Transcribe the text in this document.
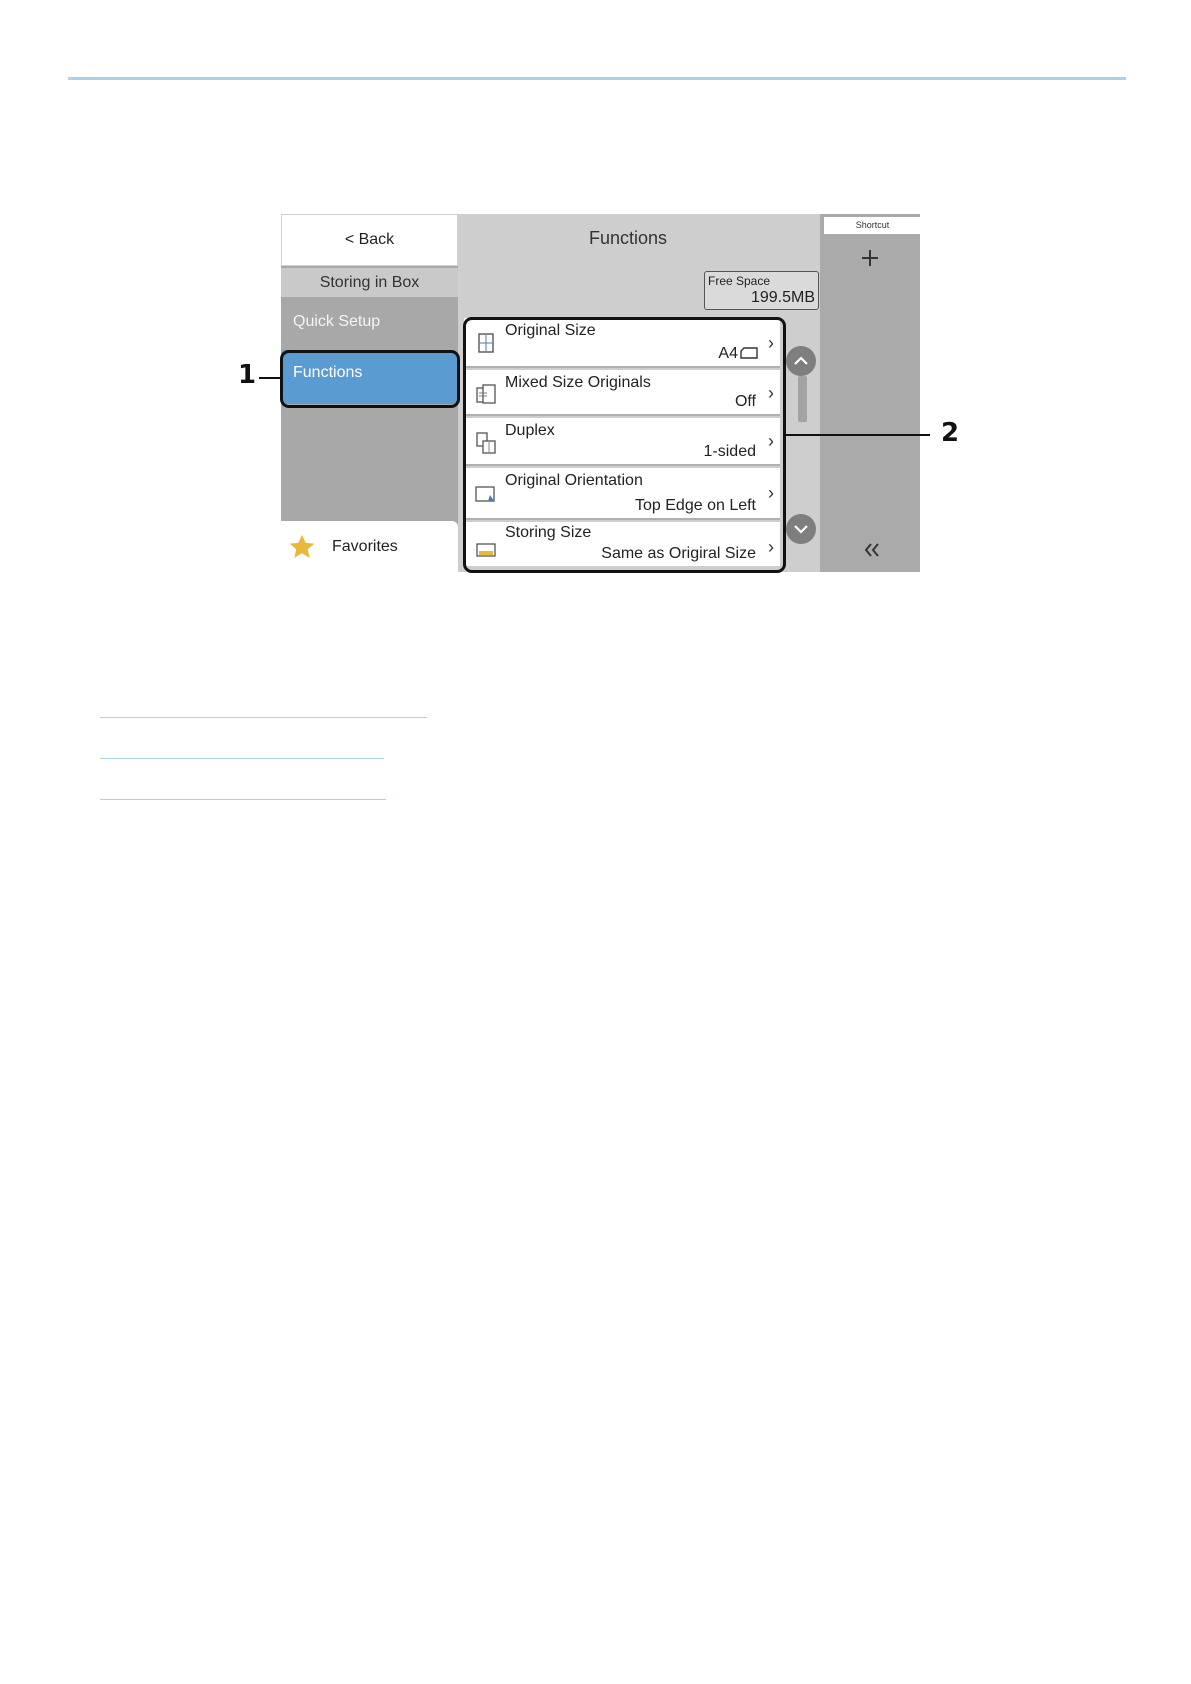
< Back
Storing in Box
Quick Setup
Functions
Favorites
Functions
Free Space
199.5MB
Original Size
A4
›
Mixed Size Originals
Off ›
Duplex
1-sided
›
Original Orientation
Top Edge on Left
›
Storing Size
Same as Origiral Size ›
Shortcut
1
2
